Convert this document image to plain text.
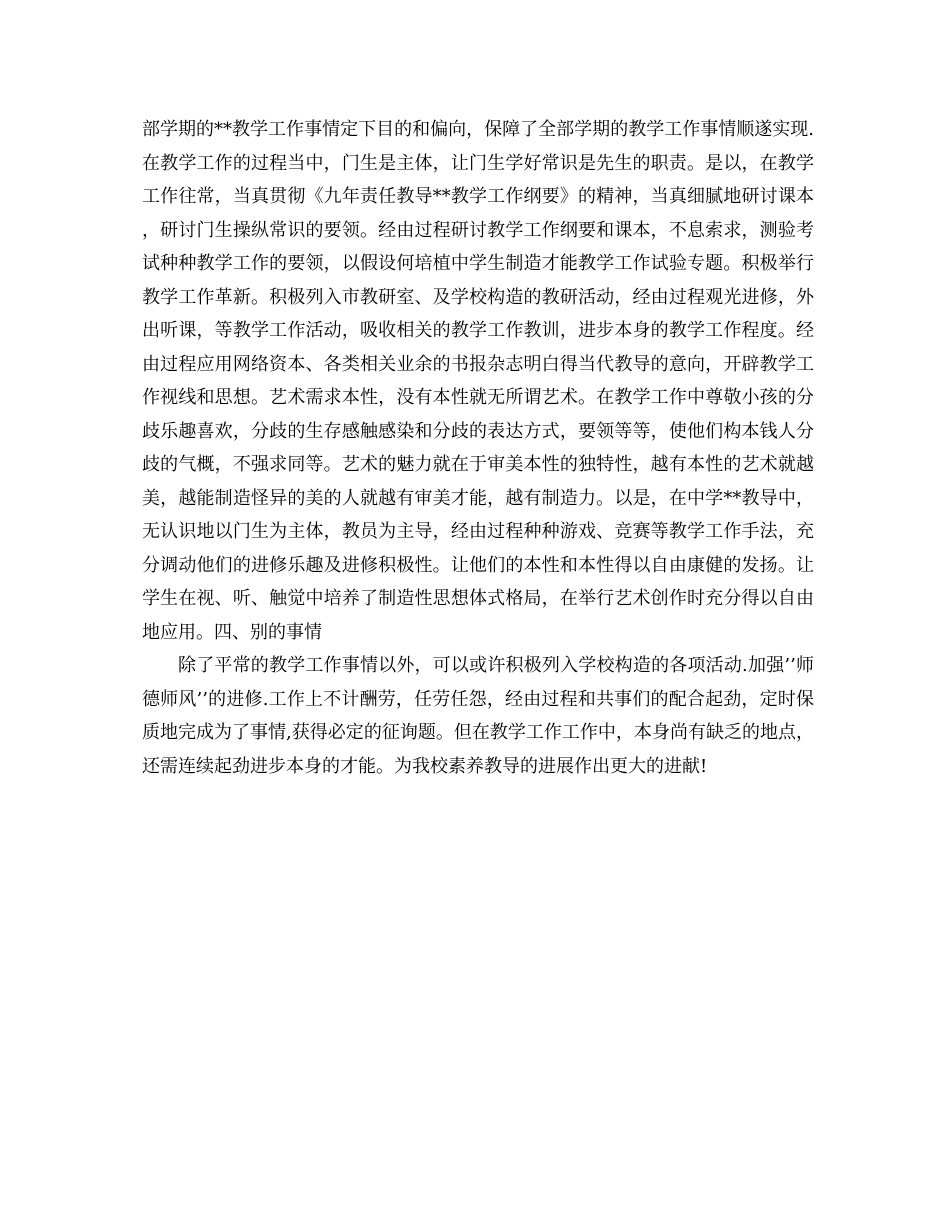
部学期的**教学工作事情定下目的和偏向，保障了全部学期的教学工作事情顺遂实现.在教学工作的过程当中，门生是主体，让门生学好常识是先生的职责。是以，在教学工作往常，当真贯彻《九年责任教导**教学工作纲要》的精神，当真细腻地研讨课本，研讨门生操纵常识的要领。经由过程研讨教学工作纲要和课本，不息索求，测验考试种种教学工作的要领，以假设何培植中学生制造才能教学工作试验专题。积极举行教学工作革新。积极列入市教研室、及学校构造的教研活动，经由过程观光进修，外出听课，等教学工作活动，吸收相关的教学工作教训，进步本身的教学工作程度。经由过程应用网络资本、各类相关业余的书报杂志明白得当代教导的意向，开辟教学工作视线和思想。艺术需求本性，没有本性就无所谓艺术。在教学工作中尊敬小孩的分歧乐趣喜欢，分歧的生存感触感染和分歧的表达方式，要领等等，使他们构本钱人分歧的气概，不强求同等。艺术的魅力就在于审美本性的独特性，越有本性的艺术就越美，越能制造怪异的美的人就越有审美才能，越有制造力。以是，在中学**教导中，无认识地以门生为主体，教员为主导，经由过程种种游戏、竞赛等教学工作手法，充分调动他们的进修乐趣及进修积极性。让他们的本性和本性得以自由康健的发扬。让学生在视、听、触觉中培养了制造性思想体式格局，在举行艺术创作时充分得以自由地应用。四、别的事情

除了平常的教学工作事情以外，可以或许积极列入学校构造的各项活动.加强’’师德师风’’的进修.工作上不计酬劳，任劳任怨，经由过程和共事们的配合起劲，定时保质地完成为了事情,获得必定的征询题。但在教学工作工作中，本身尚有缺乏的地点，还需连续起劲进步本身的才能。为我校素养教导的进展作出更大的进献!
